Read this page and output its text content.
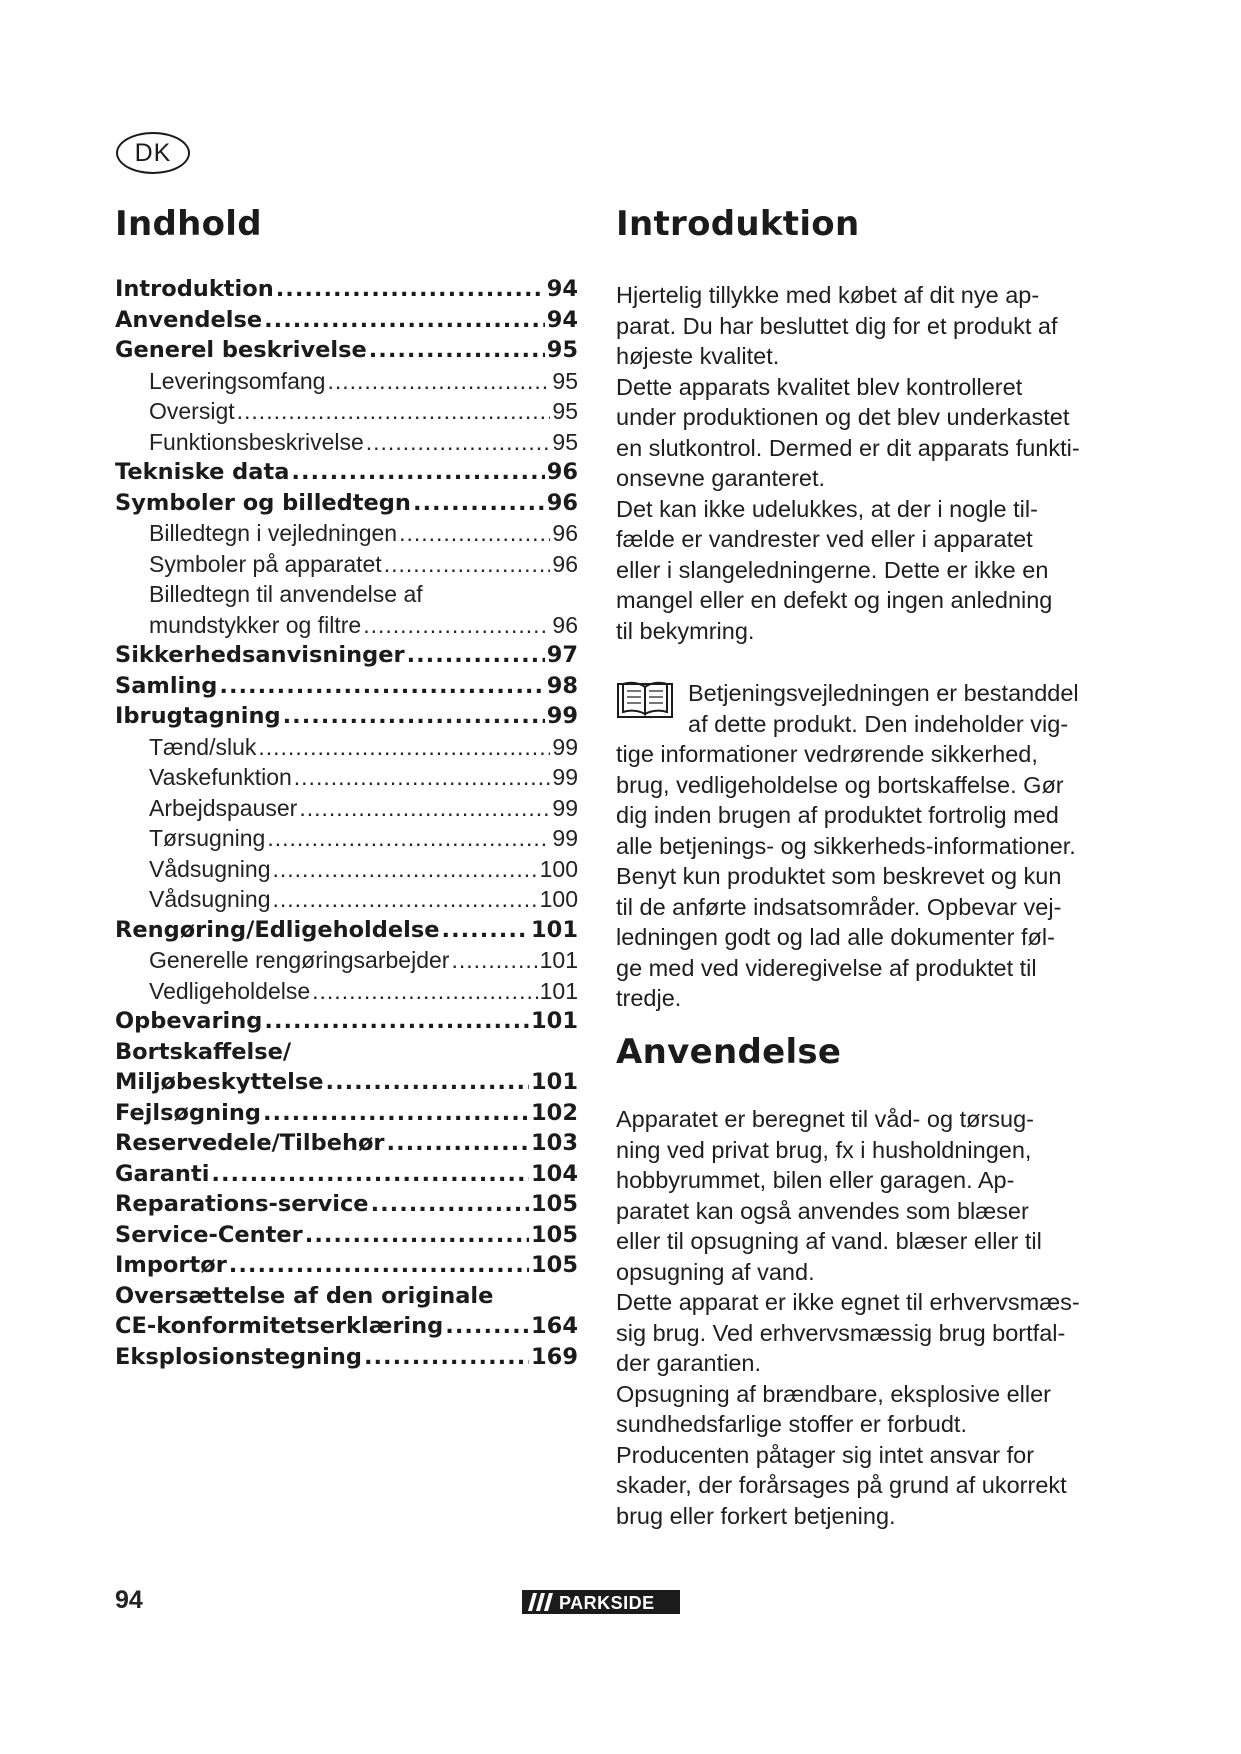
DK
Indhold
Introduktion .....	94
Anvendelse .....	94
Generel beskrivelse .....	95
Leveringsomfang .....	95
Oversigt .....	95
Funktionsbeskrivelse .....	95
Tekniske data .....	96
Symboler og billedtegn .....	96
Billedtegn i vejledningen .....	96
Symboler på apparatet .....	96
Billedtegn til anvendelse af
mundstykker og filtre .....	96
Sikkerhedsanvisninger .....	97
Samling .....	98
Ibrugtagning .....	99
Tænd/sluk .....	99
Vaskefunktion .....	99
Arbejdspauser .....	99
Tørsugning .....	99
Vådsugning .....	100
Vådsugning .....	100
Rengøring/Edligeholdelse .....	101
Generelle rengøringsarbejder .....	101
Vedligeholdelse .....	101
Opbevaring .....	101
Bortskaffelse/
Miljøbeskyttelse .....	101
Fejlsøgning .....	102
Reservedele/Tilbehør .....	103
Garanti .....	104
Reparations-service .....	105
Service-Center .....	105
Importør .....	105
Oversættelse af den originale
CE-konformitetserklæring .....	164
Eksplosionstegning .....	169
Introduktion
Hjertelig tillykke med købet af dit nye ap-
parat. Du har besluttet dig for et produkt af
højeste kvalitet.
Dette apparats kvalitet blev kontrolleret
under produktionen og det blev underkastet
en slutkontrol. Dermed er dit apparats funkti-
onsevne garanteret.
Det kan ikke udelukkes, at der i nogle til-
fælde er vandrester ved eller i apparatet
eller i slangeledningerne. Dette er ikke en
mangel eller en defekt og ingen anledning
til bekymring.
Betjeningsvejledningen er bestanddel
af dette produkt. Den indeholder vig-
tige informationer vedrørende sikkerhed,
brug, vedligeholdelse og bortskaffelse. Gør
dig inden brugen af produktet fortrolig med
alle betjenings- og sikkerheds-informationer.
Benyt kun produktet som beskrevet og kun
til de anførte indsatsområder. Opbevar vej-
ledningen godt og lad alle dokumenter føl-
ge med ved videregivelse af produktet til
tredje.
Anvendelse
Apparatet er beregnet til våd- og tørsug-
ning ved privat brug, fx i husholdningen,
hobbyrummet, bilen eller garagen. Ap-
paratet kan også anvendes som blæser
eller til opsugning af vand. blæser eller til
opsugning af vand.
Dette apparat er ikke egnet til erhvervsmæs-
sig brug. Ved erhvervsmæssig brug bortfal-
der garantien.
Opsugning af brændbare, eksplosive eller
sundhedsfarlige stoffer er forbudt.
Producenten påtager sig intet ansvar for
skader, der forårsages på grund af ukorrekt
brug eller forkert betjening.
94	PARKSIDE
